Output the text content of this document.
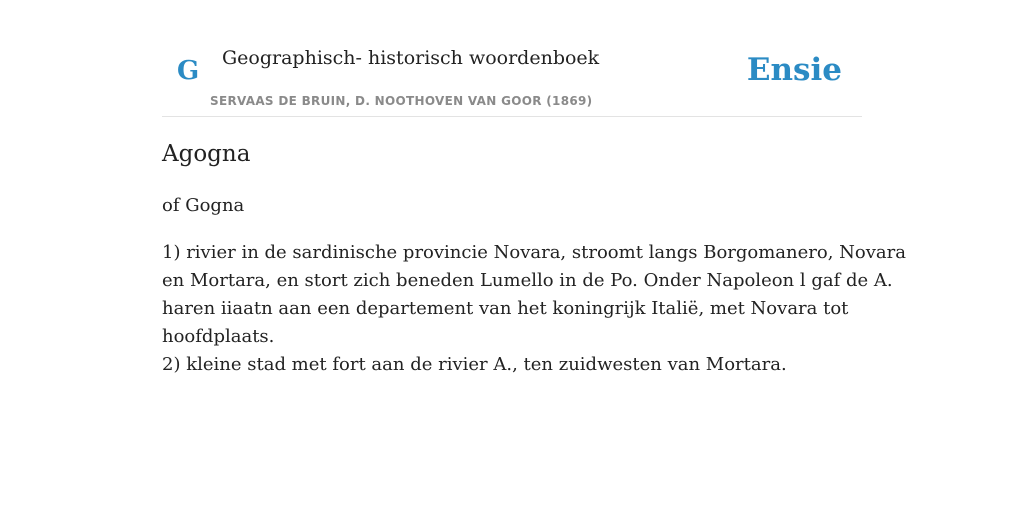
G Geographisch- historisch woordenboek
SERVAAS DE BRUIN, D. NOOTHOVEN VAN GOOR (1869)
Ensie
Agogna

of Gogna

1) rivier in de sardinische provincie Novara, stroomt langs Borgomanero, Novara
en Mortara, en stort zich beneden Lumello in de Po. Onder Napoleon l gaf de A.
haren iiaatn aan een departement van het koningrijk Italië, met Novara tot
hoofdplaats.
2) kleine stad met fort aan de rivier A., ten zuidwesten van Mortara.
